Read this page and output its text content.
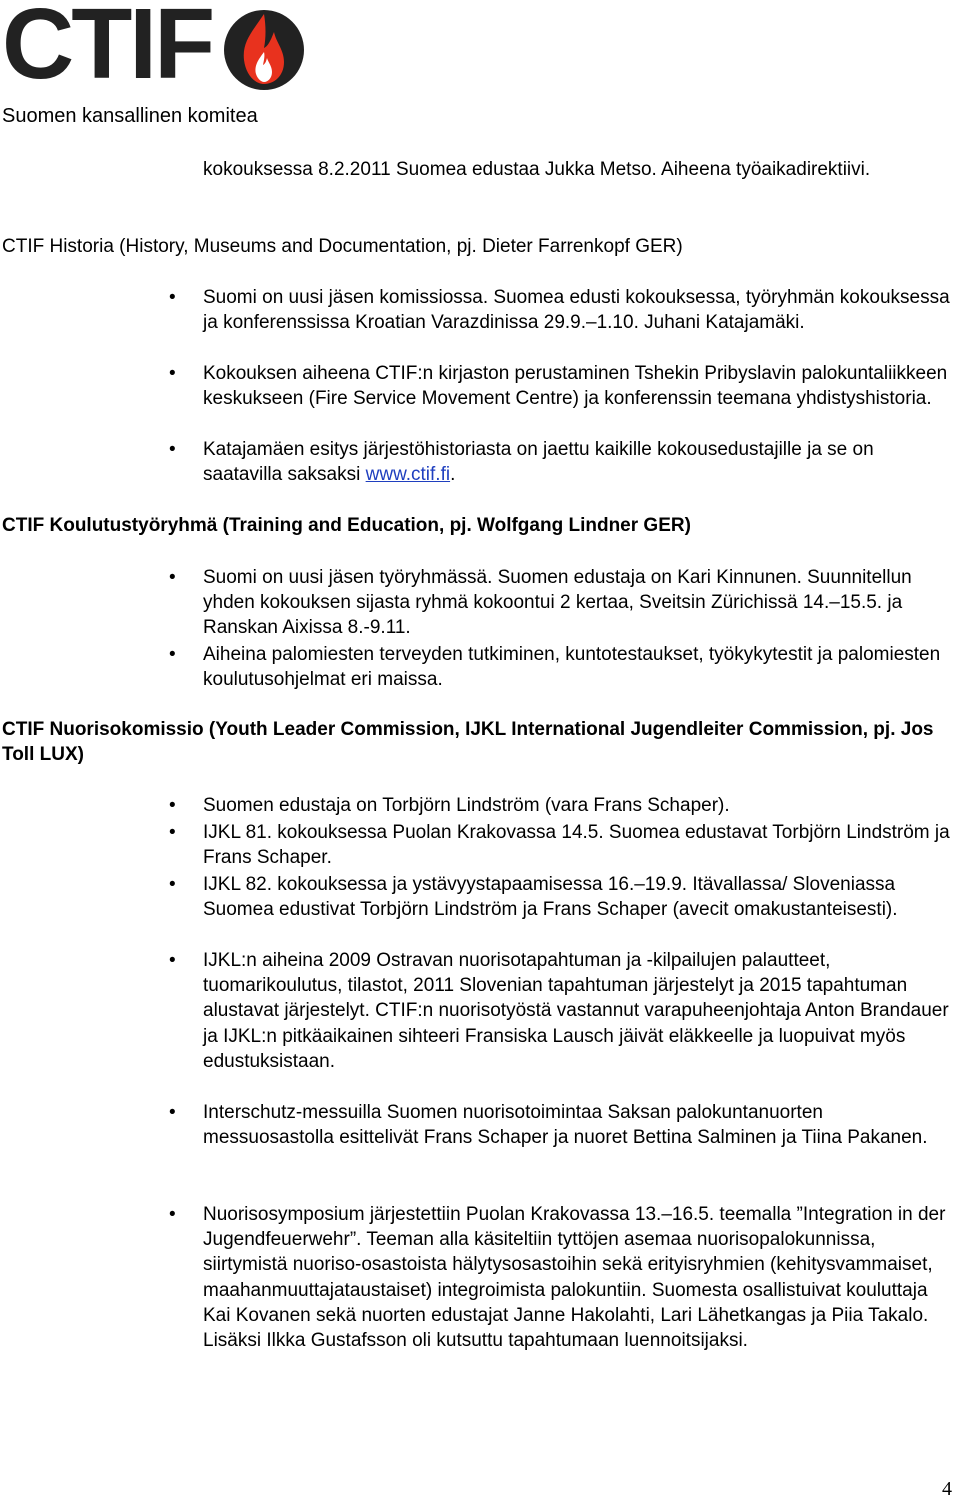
CTIF
Suomen kansallinen komitea
kokouksessa 8.2.2011 Suomea edustaa Jukka Metso. Aiheena työaikadirektiivi.
CTIF Historia (History, Museums and Documentation, pj. Dieter Farrenkopf GER)
• Suomi on uusi jäsen komissiossa. Suomea edusti kokouksessa, työryhmän kokouksessa ja konferenssissa Kroatian Varazdinissa 29.9.–1.10. Juhani Katajamäki.
• Kokouksen aiheena CTIF:n kirjaston perustaminen Tshekin Pribyslavin palokuntaliikkeen keskukseen (Fire Service Movement Centre) ja konferenssin teemana yhdistyshistoria.
• Katajamäen esitys järjestöhistoriasta on jaettu kaikille kokousedustajille ja se on saatavilla saksaksi www.ctif.fi.
CTIF Koulutustyöryhmä (Training and Education, pj. Wolfgang Lindner GER)
• Suomi on uusi jäsen työryhmässä. Suomen edustaja on Kari Kinnunen. Suunnitellun yhden kokouksen sijasta ryhmä kokoontui 2 kertaa, Sveitsin Zürichissä 14.–15.5. ja Ranskan Aixissa 8.-9.11.
• Aiheina palomiesten terveyden tutkiminen, kuntotestaukset, työkykytestit ja palomiesten koulutusohjelmat eri maissa.
CTIF Nuorisokomissio (Youth Leader Commission, IJKL International Jugendleiter Commission, pj. Jos Toll LUX)
• Suomen edustaja on Torbjörn Lindström (vara Frans Schaper).
• IJKL 81. kokouksessa Puolan Krakovassa 14.5. Suomea edustavat Torbjörn Lindström ja Frans Schaper.
• IJKL 82. kokouksessa ja ystävyystapaamisessa 16.–19.9. Itävallassa/ Sloveniassa Suomea edustivat Torbjörn Lindström ja Frans Schaper (avecit omakustanteisesti).
• IJKL:n aiheina 2009 Ostravan nuorisotapahtuman ja -kilpailujen palautteet, tuomarikoulutus, tilastot, 2011 Slovenian tapahtuman järjestelyt ja 2015 tapahtuman alustavat järjestelyt. CTIF:n nuorisotyöstä vastannut varapuheenjohtaja Anton Brandauer ja IJKL:n pitkäaikainen sihteeri Fransiska Lausch jäivät eläkkeelle ja luopuivat myös edustuksistaan.
• Interschutz-messuilla Suomen nuorisotoimintaa Saksan palokuntanuorten messuosastolla esittelivät Frans Schaper ja nuoret Bettina Salminen ja Tiina Pakanen.
• Nuorisosymposium järjestettiin Puolan Krakovassa 13.–16.5. teemalla ”Integration in der Jugendfeuerwehr”. Teeman alla käsiteltiin tyttöjen asemaa nuorisopalokunnissa, siirtymistä nuoriso-osastoista hälytysosastoihin sekä erityisryhmien (kehitysvammaiset, maahanmuuttajataustaiset) integroimista palokuntiin. Suomesta osallistuivat kouluttaja Kai Kovanen sekä nuorten edustajat Janne Hakolahti, Lari Lähetkangas ja Piia Takalo. Lisäksi Ilkka Gustafsson oli kutsuttu tapahtumaan luennoitsijaksi.
4
